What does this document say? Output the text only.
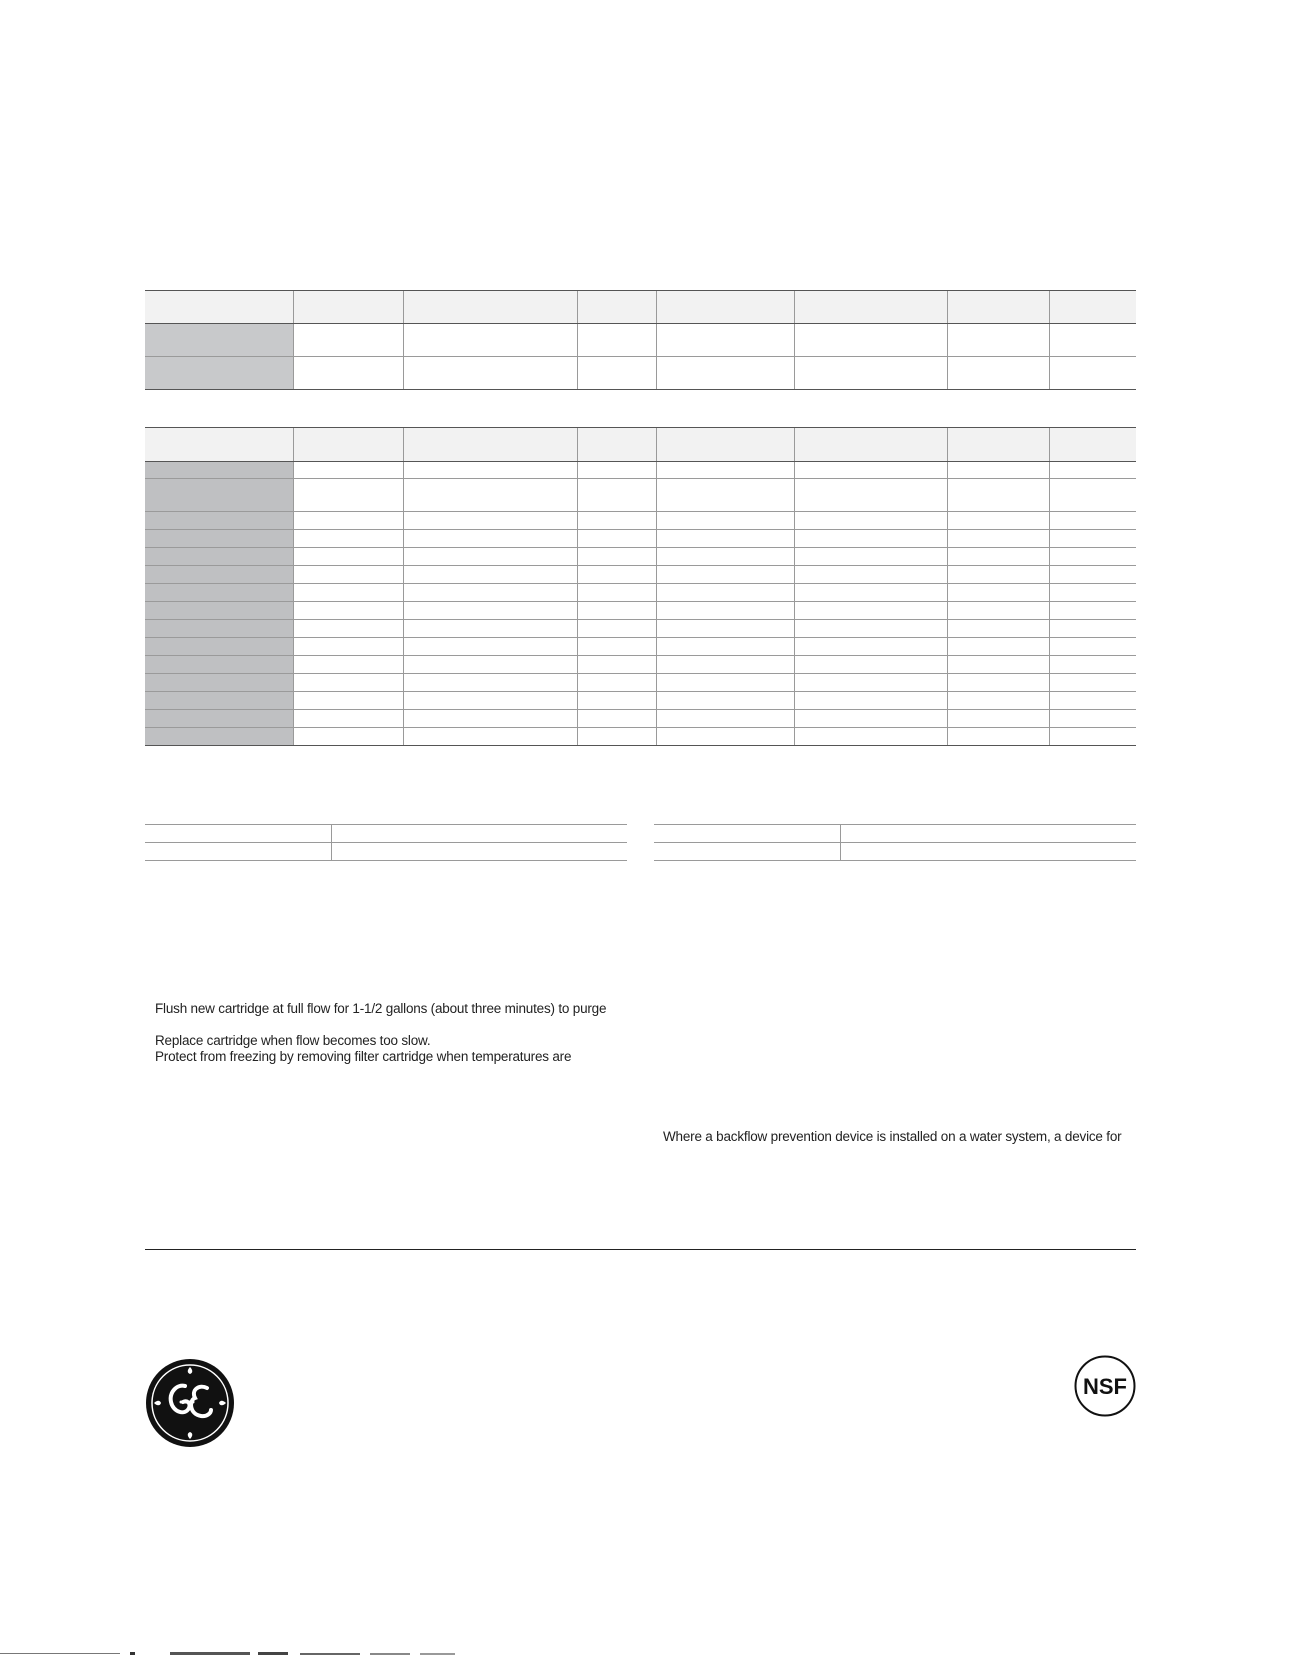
Flush new cartridge at full flow for 1-1/2 gallons (about three minutes) to purge
Replace cartridge when flow becomes too slow.
Protect from freezing by removing filter cartridge when temperatures are
Where a backflow prevention device is installed on a water system, a device for
NSF
